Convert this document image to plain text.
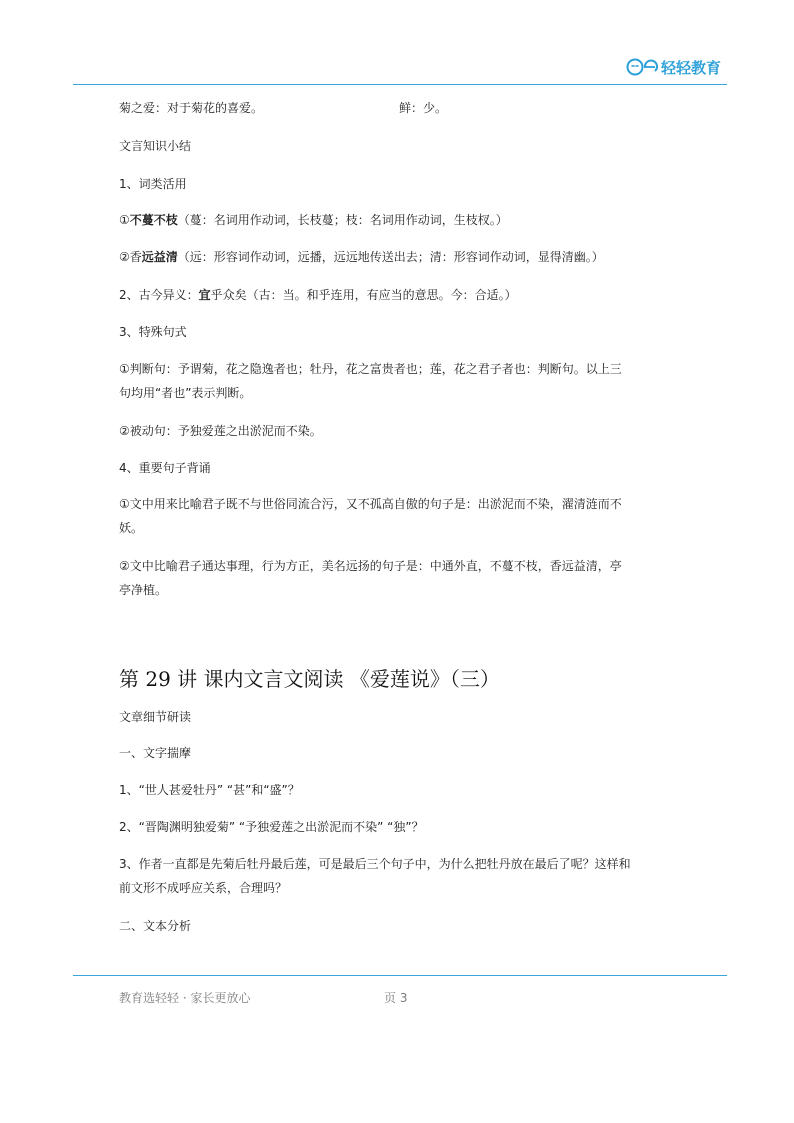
轻轻教育
菊之爱：对于菊花的喜爱。	鲜：少。
文言知识小结
1、词类活用
①不蔓不枝（蔓：名词用作动词，长枝蔓；枝：名词用作动词，生枝杈。）
②香远益清（远：形容词作动词，远播，远远地传送出去；清：形容词作动词，显得清幽。）
2、古今异义：宜乎众矣（古：当。和乎连用，有应当的意思。今：合适。）
3、特殊句式
①判断句：予谓菊，花之隐逸者也；牡丹，花之富贵者也；莲，花之君子者也：判断句。以上三
句均用“者也”表示判断。
②被动句：予独爱莲之出淤泥而不染。
4、重要句子背诵
①文中用来比喻君子既不与世俗同流合污，又不孤高自傲的句子是：出淤泥而不染，濯清涟而不
妖。
②文中比喻君子通达事理，行为方正，美名远扬的句子是：中通外直，不蔓不枝，香远益清，亭
亭净植。
第 29 讲 课内文言文阅读 《爱莲说》（三）
文章细节研读
一、文字揣摩
1、“世人甚爱牡丹” “甚”和“盛”？
2、“晋陶渊明独爱菊” “予独爱莲之出淤泥而不染” “独”？
3、作者一直都是先菊后牡丹最后莲，可是最后三个句子中，为什么把牡丹放在最后了呢？这样和
前文形不成呼应关系，合理吗？
二、文本分析
教育选轻轻 · 家长更放心	页 3
